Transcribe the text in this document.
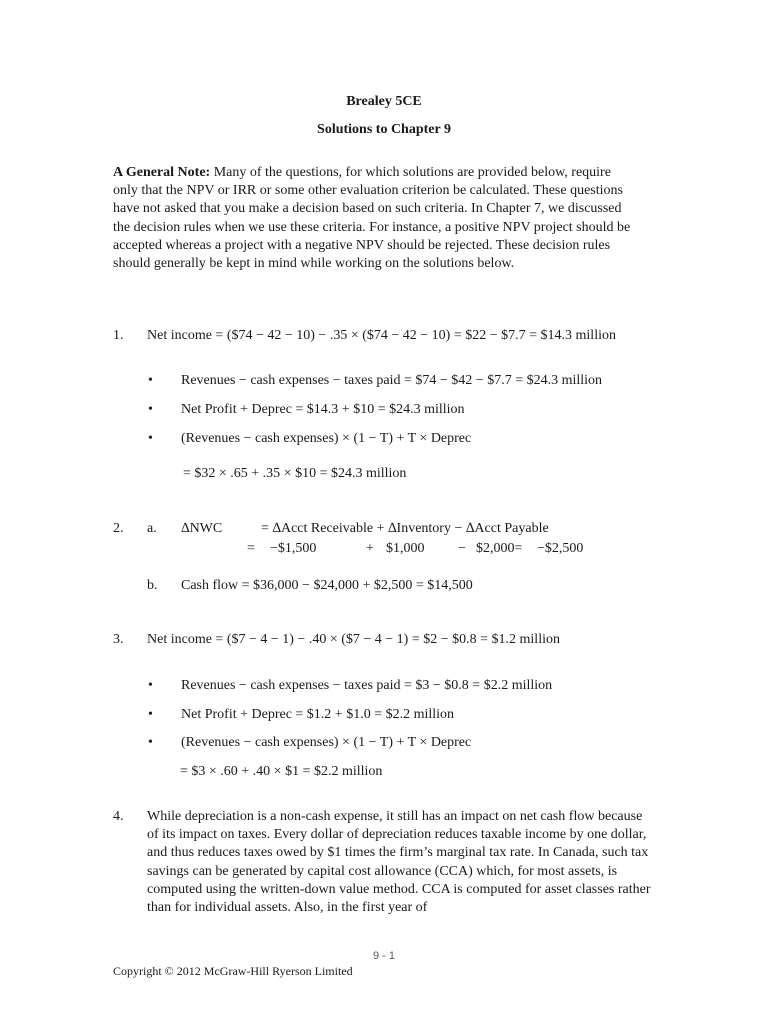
Brealey 5CE
Solutions to Chapter 9
A General Note: Many of the questions, for which solutions are provided below, require only that the NPV or IRR or some other evaluation criterion be calculated. These questions have not asked that you make a decision based on such criteria. In Chapter 7, we discussed the decision rules when we use these criteria. For instance, a positive NPV project should be accepted whereas a project with a negative NPV should be rejected. These decision rules should generally be kept in mind while working on the solutions below.
1. Net income = ($74 − 42 − 10) − .35 × ($74 − 42 − 10) = $22 − $7.7 = $14.3 million
• Revenues − cash expenses − taxes paid = $74 − $42 − $7.7 = $24.3 million
• Net Profit + Deprec = $14.3 + $10 = $24.3 million
• (Revenues − cash expenses) × (1 − T) + T × Deprec
= $32 × .65 + .35 × $10 = $24.3 million
2. a. ∆NWC	= ∆Acct Receivable + ∆Inventory − ∆Acct Payable
= −$1,500	+ $1,000 − $2,000= −$2,500
b. Cash flow = $36,000 − $24,000 + $2,500 = $14,500
3. Net income = ($7 − 4 − 1) − .40 × ($7 − 4 − 1) = $2 − $0.8 = $1.2 million
• Revenues − cash expenses − taxes paid = $3 − $0.8 = $2.2 million
• Net Profit + Deprec = $1.2 + $1.0 = $2.2 million
• (Revenues − cash expenses) × (1 − T) + T × Deprec
= $3 × .60 + .40 × $1 = $2.2 million
4. While depreciation is a non-cash expense, it still has an impact on net cash flow because of its impact on taxes. Every dollar of depreciation reduces taxable income by one dollar, and thus reduces taxes owed by $1 times the firm’s marginal tax rate. In Canada, such tax savings can be generated by capital cost allowance (CCA) which, for most assets, is computed using the written-down value method. CCA is computed for asset classes rather than for individual assets. Also, in the first year of
9 - 1
Copyright © 2012 McGraw-Hill Ryerson Limited
